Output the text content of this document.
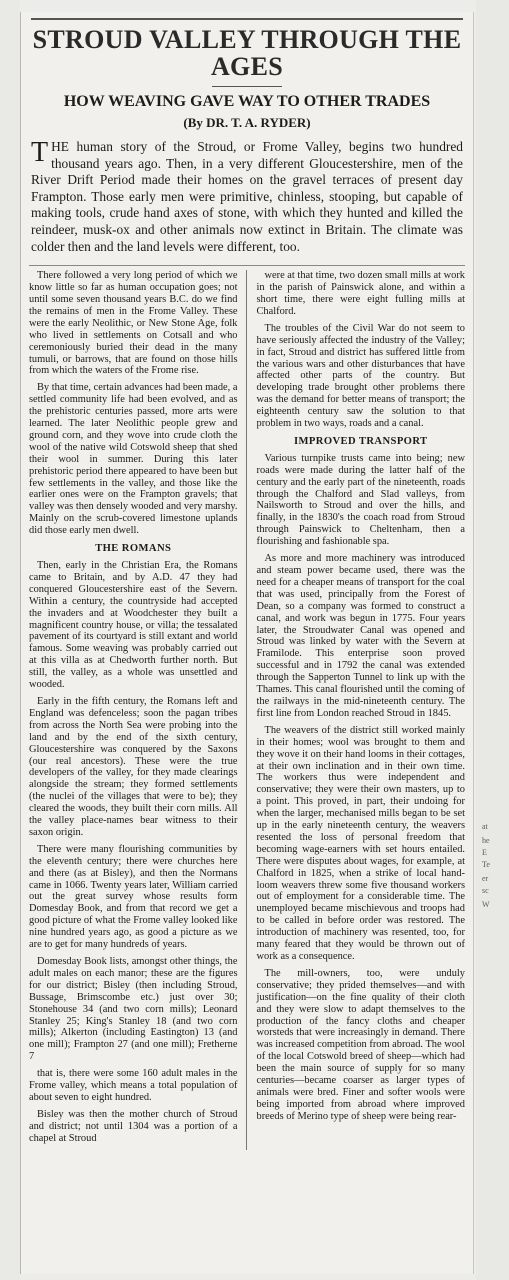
STROUD VALLEY THROUGH THE AGES
HOW WEAVING GAVE WAY TO OTHER TRADES
(By DR. T. A. RYDER)
THE human story of the Stroud, or Frome Valley, begins two hundred thousand years ago. Then, in a very different Gloucestershire, men of the River Drift Period made their homes on the gravel terraces of present day Frampton. Those early men were primitive, chinless, stooping, but capable of making tools, crude hand axes of stone, with which they hunted and killed the reindeer, musk-ox and other animals now extinct in Britain. The climate was colder then and the land levels were different, too.

There followed a very long period of which we know little so far as human occupation goes; not until some seven thousand years B.C. do we find the remains of men in the Frome Valley. These were the early Neolithic, or New Stone Age, folk who lived in settlements on Cotsall and who ceremoniously buried their dead in the many tumuli, or barrows, that are found on those hills from which the waters of the Frome rise.

By that time, certain advances had been made, a settled community life had been evolved, and as the prehistoric centuries passed, more arts were learned. The later Neolithic people grew and ground corn, and they wove into crude cloth the wool of the native wild Cotswold sheep that shed their wool in summer. During this later prehistoric period there appeared to have been but few settlements in the valley, and those like the earlier ones were on the Frampton gravels; that valley was then densely wooded and very marshy. Mainly on the scrub-covered limestone uplands did those early men dwell.

THE ROMANS

Then, early in the Christian Era, the Romans came to Britain, and by A.D. 47 they had conquered Gloucestershire east of the Severn. Within a century, the countryside had accepted the invaders and at Woodchester they built a magnificent country house, or villa; the tessalated pavement of its courtyard is still extant and world famous. Some weaving was probably carried out at this villa as at Chedworth further north. But still, the valley, as a whole was unsettled and wooded.

Early in the fifth century, the Romans left and England was defenceless; soon the pagan tribes from across the North Sea were probing into the land and by the end of the sixth century, Gloucestershire was conquered by the Saxons (our real ancestors). These were the true developers of the valley, for they made clearings alongside the stream; they formed settlements (the nuclei of the villages that were to be); they cleared the woods, they built their corn mills. All the valley place-names bear witness to their saxon origin.

There were many flourishing communities by the eleventh century; there were churches here and there (as at Bisley), and then the Normans came in 1066. Twenty years later, William carried out the great survey whose results form Domesday Book, and from that record we get a good picture of what the Frome valley looked like nine hundred years ago, as good a picture as we are to get for many hundreds of years.

Domesday Book lists, amongst other things, the adult males on each manor; these are the figures for our district; Bisley (then including Stroud, Bussage, Brimscombe etc.) just over 30; Stonehouse 34 (and two corn mills); Leonard Stanley 25; King's Stanley 18 (and two corn mills); Alkerton (including Eastington) 13 (and one mill); Frampton 27 (and one mill); Fretherne 7

that is, there were some 160 adult males in the Frome valley, which means a total population of about seven to eight hundred.

Bisley was then the mother church of Stroud and district; not until 1304 was a portion of a chapel at Stroud

were at that time, two dozen small mills at work in the parish of Painswick alone, and within a short time, there were eight fulling mills at Chalford.

The troubles of the Civil War do not seem to have seriously affected the industry of the Valley; in fact, Stroud and district has suffered little from the various wars and other disturbances that have affected other parts of the country. But developing trade brought other problems there was the demand for better means of transport; the eighteenth century saw the solution to that problem in two ways, roads and a canal.

IMPROVED TRANSPORT

Various turnpike trusts came into being; new roads were made during the latter half of the century and the early part of the nineteenth, roads through the Chalford and Slad valleys, from Nailsworth to Stroud and over the hills, and finally, in the 1830's the coach road from Stroud through Painswick to Cheltenham, then a flourishing and fashionable spa.

As more and more machinery was introduced and steam power became used, there was the need for a cheaper means of transport for the coal that was used, principally from the Forest of Dean, so a company was formed to construct a canal, and work was begun in 1775. Four years later, the Stroudwater Canal was opened and Stroud was linked by water with the Severn at Framilode. This enterprise soon proved successful and in 1792 the canal was extended through the Sapperton Tunnel to link up with the Thames. This canal flourished until the coming of the railways in the mid-nineteenth century. The first line from London reached Stroud in 1845.

The weavers of the district still worked mainly in their homes; wool was brought to them and they wove it on their hand looms in their cottages, at their own inclination and in their own time. The workers thus were independent and conservative; they were their own masters, up to a point. This proved, in part, their undoing for when the larger, mechanised mills began to be set up in the early nineteenth century, the weavers resented the loss of personal freedom that becoming wage-earners with set hours entailed. There were disputes about wages, for example, at Chalford in 1825, when a strike of local hand-loom weavers threw some five thousand workers out of employment for a considerable time. The unemployed became mischievous and troops had to be called in before order was restored. The introduction of machinery was resented, too, for many feared that they would be thrown out of work as a consequence.

The mill-owners, too, were unduly conservative; they prided themselves—and with justification—on the fine quality of their cloth and they were slow to adapt themselves to the production of the fancy cloths and cheaper worsteds that were increasingly in demand. There was increased competition from abroad. The wool of the local Cotswold breed of sheep—which had been the main source of supply for so many centuries—became coarser as larger types of animals were bred. Finer and softer wools were being imported from abroad where improved breeds of Merino type of sheep were being rear-

at
he
E
Te
er
sc
W
